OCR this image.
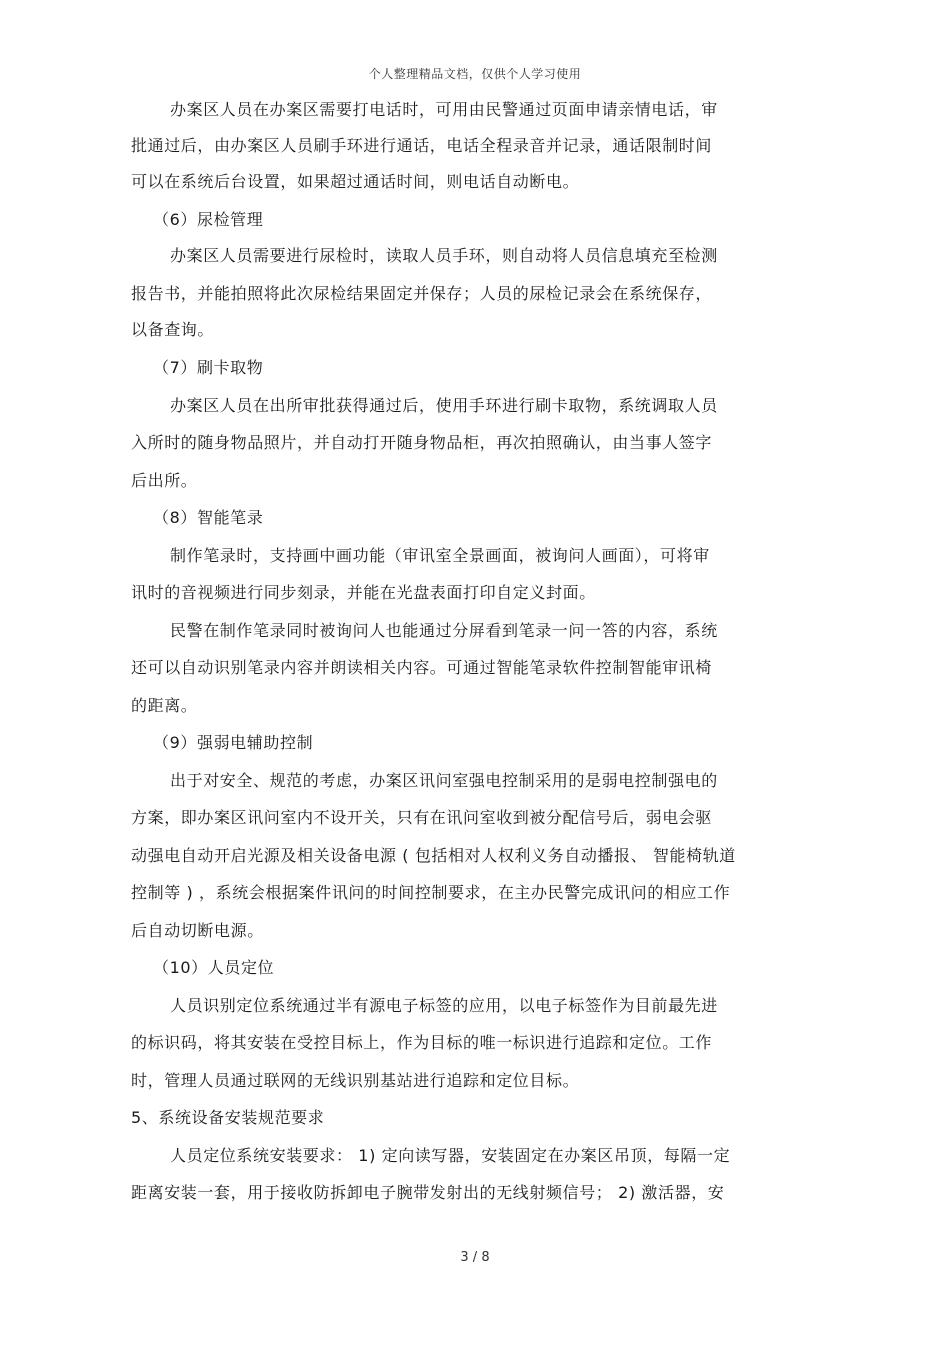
个人整理精品文档，仅供个人学习使用
办案区人员在办案区需要打电话时，可用由民警通过页面申请亲情电话，审
批通过后，由办案区人员刷手环进行通话，电话全程录音并记录，通话限制时间
可以在系统后台设置，如果超过通话时间，则电话自动断电。
（6）尿检管理
办案区人员需要进行尿检时，读取人员手环，则自动将人员信息填充至检测
报告书，并能拍照将此次尿检结果固定并保存；人员的尿检记录会在系统保存，
以备查询。
（7）刷卡取物
办案区人员在出所审批获得通过后，使用手环进行刷卡取物，系统调取人员
入所时的随身物品照片，并自动打开随身物品柜，再次拍照确认，由当事人签字
后出所。
（8）智能笔录
制作笔录时，支持画中画功能（审讯室全景画面，被询问人画面），可将审
讯时的音视频进行同步刻录，并能在光盘表面打印自定义封面。
民警在制作笔录同时被询问人也能通过分屏看到笔录一问一答的内容，系统
还可以自动识别笔录内容并朗读相关内容。可通过智能笔录软件控制智能审讯椅
的距离。
（9）强弱电辅助控制
出于对安全、规范的考虑，办案区讯问室强电控制采用的是弱电控制强电的
方案，即办案区讯问室内不设开关，只有在讯问室收到被分配信号后，弱电会驱
动强电自动开启光源及相关设备电源 ( 包括相对人权利义务自动播报、 智能椅轨道
控制等 ) ，系统会根据案件讯问的时间控制要求，在主办民警完成讯问的相应工作
后自动切断电源。
（10）人员定位
人员识别定位系统通过半有源电子标签的应用，以电子标签作为目前最先进
的标识码，将其安装在受控目标上，作为目标的唯一标识进行追踪和定位。工作
时，管理人员通过联网的无线识别基站进行追踪和定位目标。
5、系统设备安装规范要求
人员定位系统安装要求： 1) 定向读写器，安装固定在办案区吊顶，每隔一定
距离安装一套，用于接收防拆卸电子腕带发射出的无线射频信号； 2) 激活器，安
3 / 8
